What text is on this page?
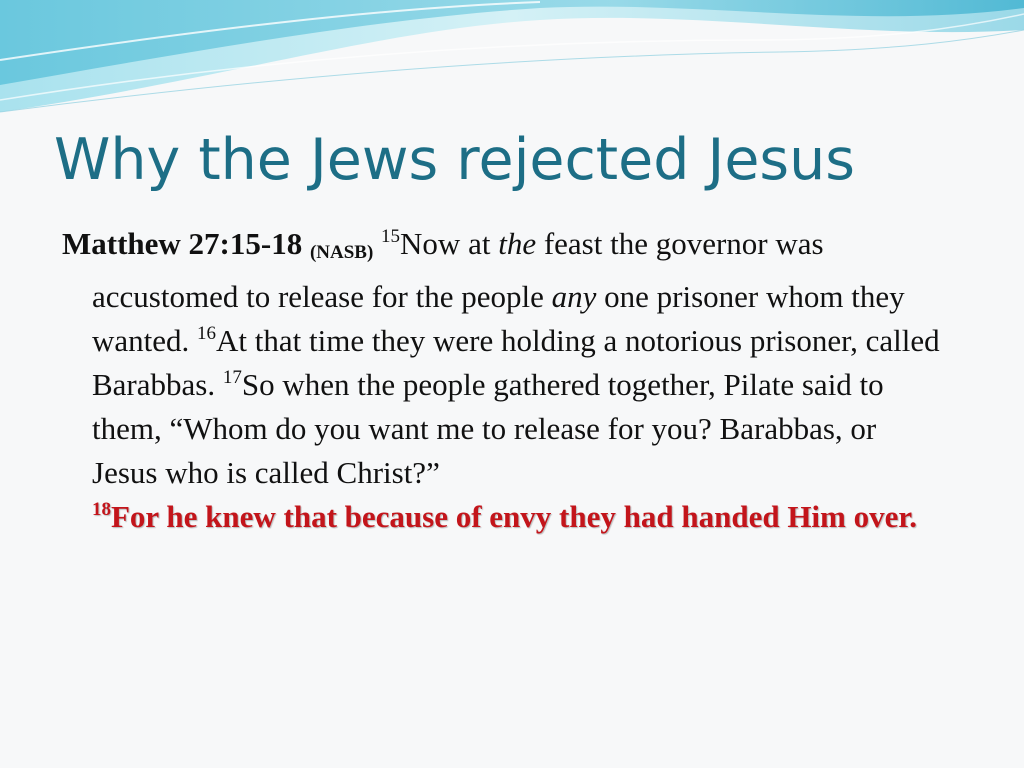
Why the Jews rejected Jesus

Matthew 27:15-18 (NASB) $^{15}$Now at the feast the governor was accustomed to release for the people any one prisoner whom they wanted. $^{16}$At that time they were holding a notorious prisoner, called Barabbas. $^{17}$So when the people gathered together, Pilate said to them, “Whom do you want me to release for you? Barabbas, or Jesus who is called Christ?”

$^{18}$For he knew that because of envy they had handed Him over.
